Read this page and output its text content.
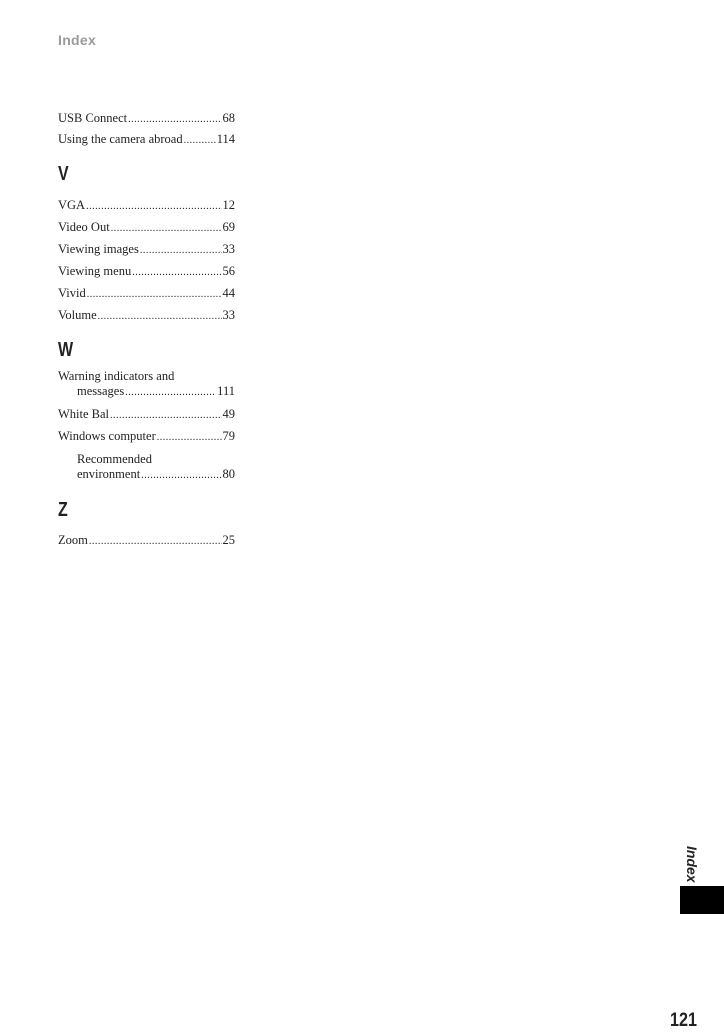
Index
USB Connect .....	68
Using the camera abroad .....	114
V
VGA .....	12
Video Out .....	69
Viewing images .....	33
Viewing menu .....	56
Vivid .....	44
Volume .....	33
W
Warning indicators and
messages .....	111
White Bal .....	49
Windows computer .....	79
Recommended
environment .....	80
Z
Zoom .....	25
Index
121
